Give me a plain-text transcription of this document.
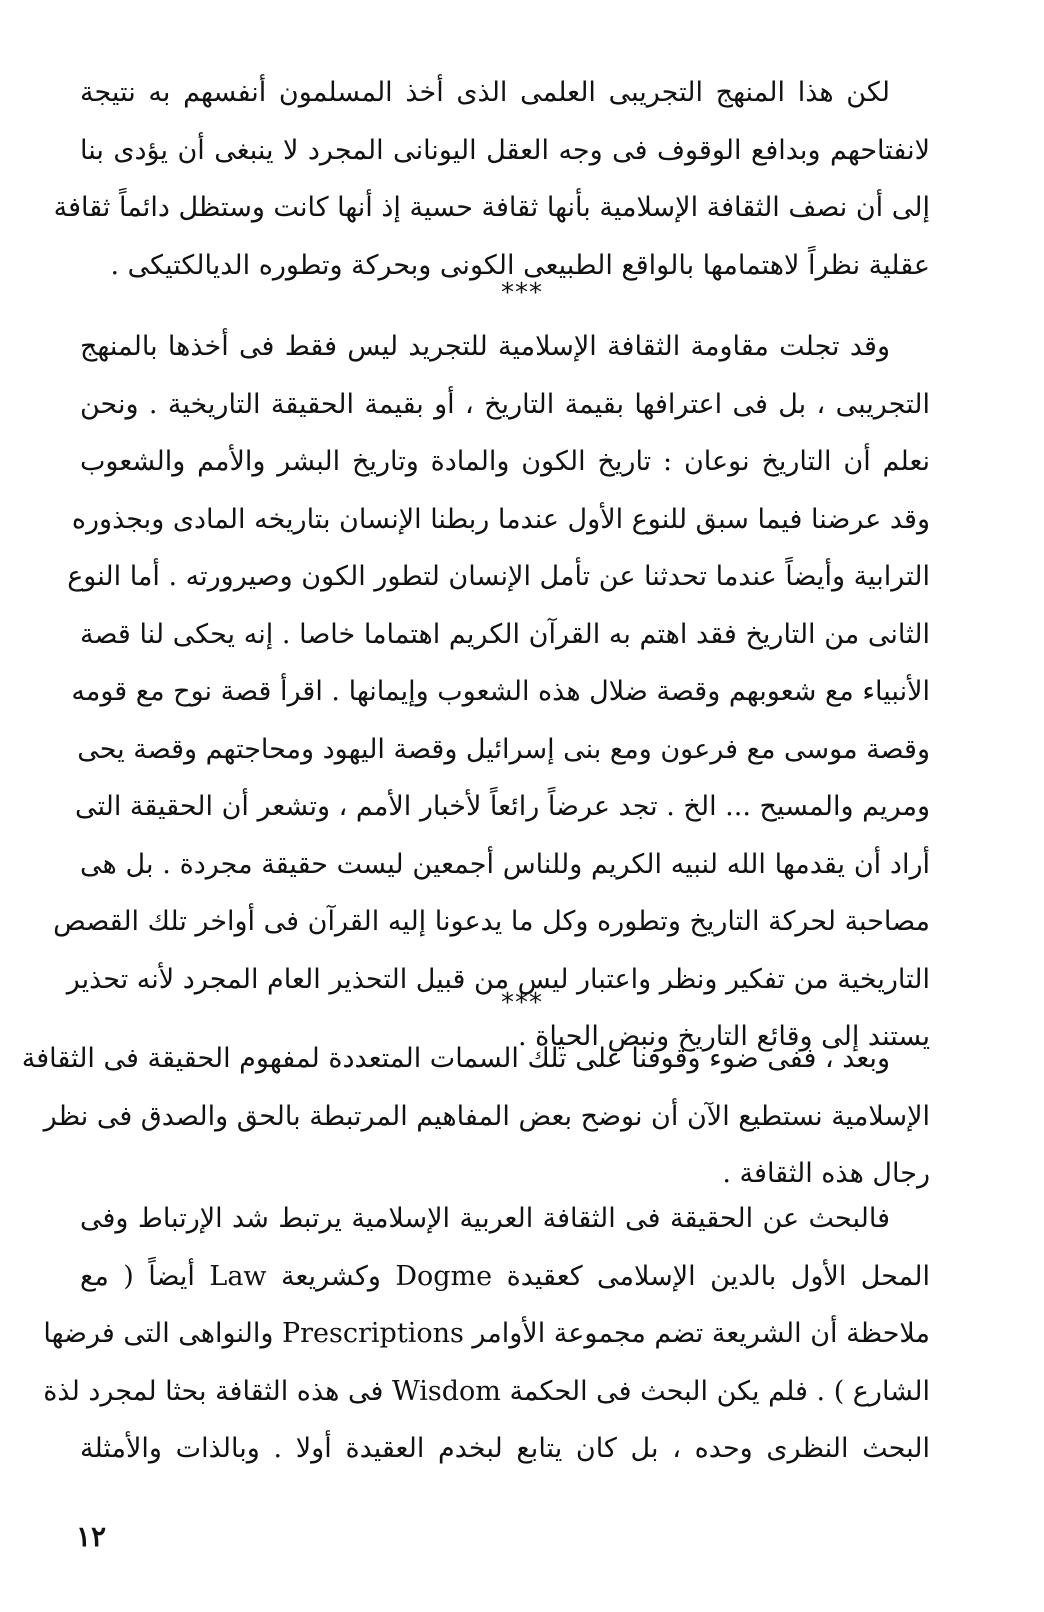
لكن هذا المنهج التجريبى العلمى الذى أخذ المسلمون أنفسهم به نتيجة
لانفتاحهم وبدافع الوقوف فى وجه العقل اليونانى المجرد لا ينبغى أن يؤدى بنا
إلى أن نصف الثقافة الإسلامية بأنها ثقافة حسية إذ أنها كانت وستظل دائماً ثقافة
عقلية نظراً لاهتمامها بالواقع الطبيعى الكونى وبحركة وتطوره الديالكتيكى .
***
وقد تجلت مقاومة الثقافة الإسلامية للتجريد ليس فقط فى أخذها بالمنهج
التجريبى ، بل فى اعترافها بقيمة التاريخ ، أو بقيمة الحقيقة التاريخية . ونحن
نعلم أن التاريخ نوعان : تاريخ الكون والمادة وتاريخ البشر والأمم والشعوب
وقد عرضنا فيما سبق للنوع الأول عندما ربطنا الإنسان بتاريخه المادى وبجذوره
الترابية وأيضاً عندما تحدثنا عن تأمل الإنسان لتطور الكون وصيرورته . أما النوع
الثانى من التاريخ فقد اهتم به القرآن الكريم اهتماما خاصا . إنه يحكى لنا قصة
الأنبياء مع شعوبهم وقصة ضلال هذه الشعوب وإيمانها . اقرأ قصة نوح مع قومه
وقصة موسى مع فرعون ومع بنى إسرائيل وقصة اليهود ومحاجتهم وقصة يحى
ومريم والمسيح ... الخ . تجد عرضاً رائعاً لأخبار الأمم ، وتشعر أن الحقيقة التى
أراد أن يقدمها الله لنبيه الكريم وللناس أجمعين ليست حقيقة مجردة . بل هى
مصاحبة لحركة التاريخ وتطوره وكل ما يدعونا إليه القرآن فى أواخر تلك القصص
التاريخية من تفكير ونظر واعتبار ليس من قبيل التحذير العام المجرد لأنه تحذير
يستند إلى وقائع التاريخ ونبض الحياة .
***
وبعد ، ففى ضوء وقوفنا على تلك السمات المتعددة لمفهوم الحقيقة فى الثقافة
الإسلامية نستطيع الآن أن نوضح بعض المفاهيم المرتبطة بالحق والصدق فى نظر
رجال هذه الثقافة .
فالبحث عن الحقيقة فى الثقافة العربية الإسلامية يرتبط شد الإرتباط وفى
المحل الأول بالدين الإسلامى كعقيدة Dogme وكشريعة Law أيضاً ( مع
ملاحظة أن الشريعة تضم مجموعة الأوامر Prescriptions والنواهى التى فرضها
الشارع ) . فلم يكن البحث فى الحكمة Wisdom فى هذه الثقافة بحثا لمجرد لذة
البحث النظرى وحده ، بل كان يتابع لبخدم العقيدة أولا . وبالذات والأمثلة
١٢
